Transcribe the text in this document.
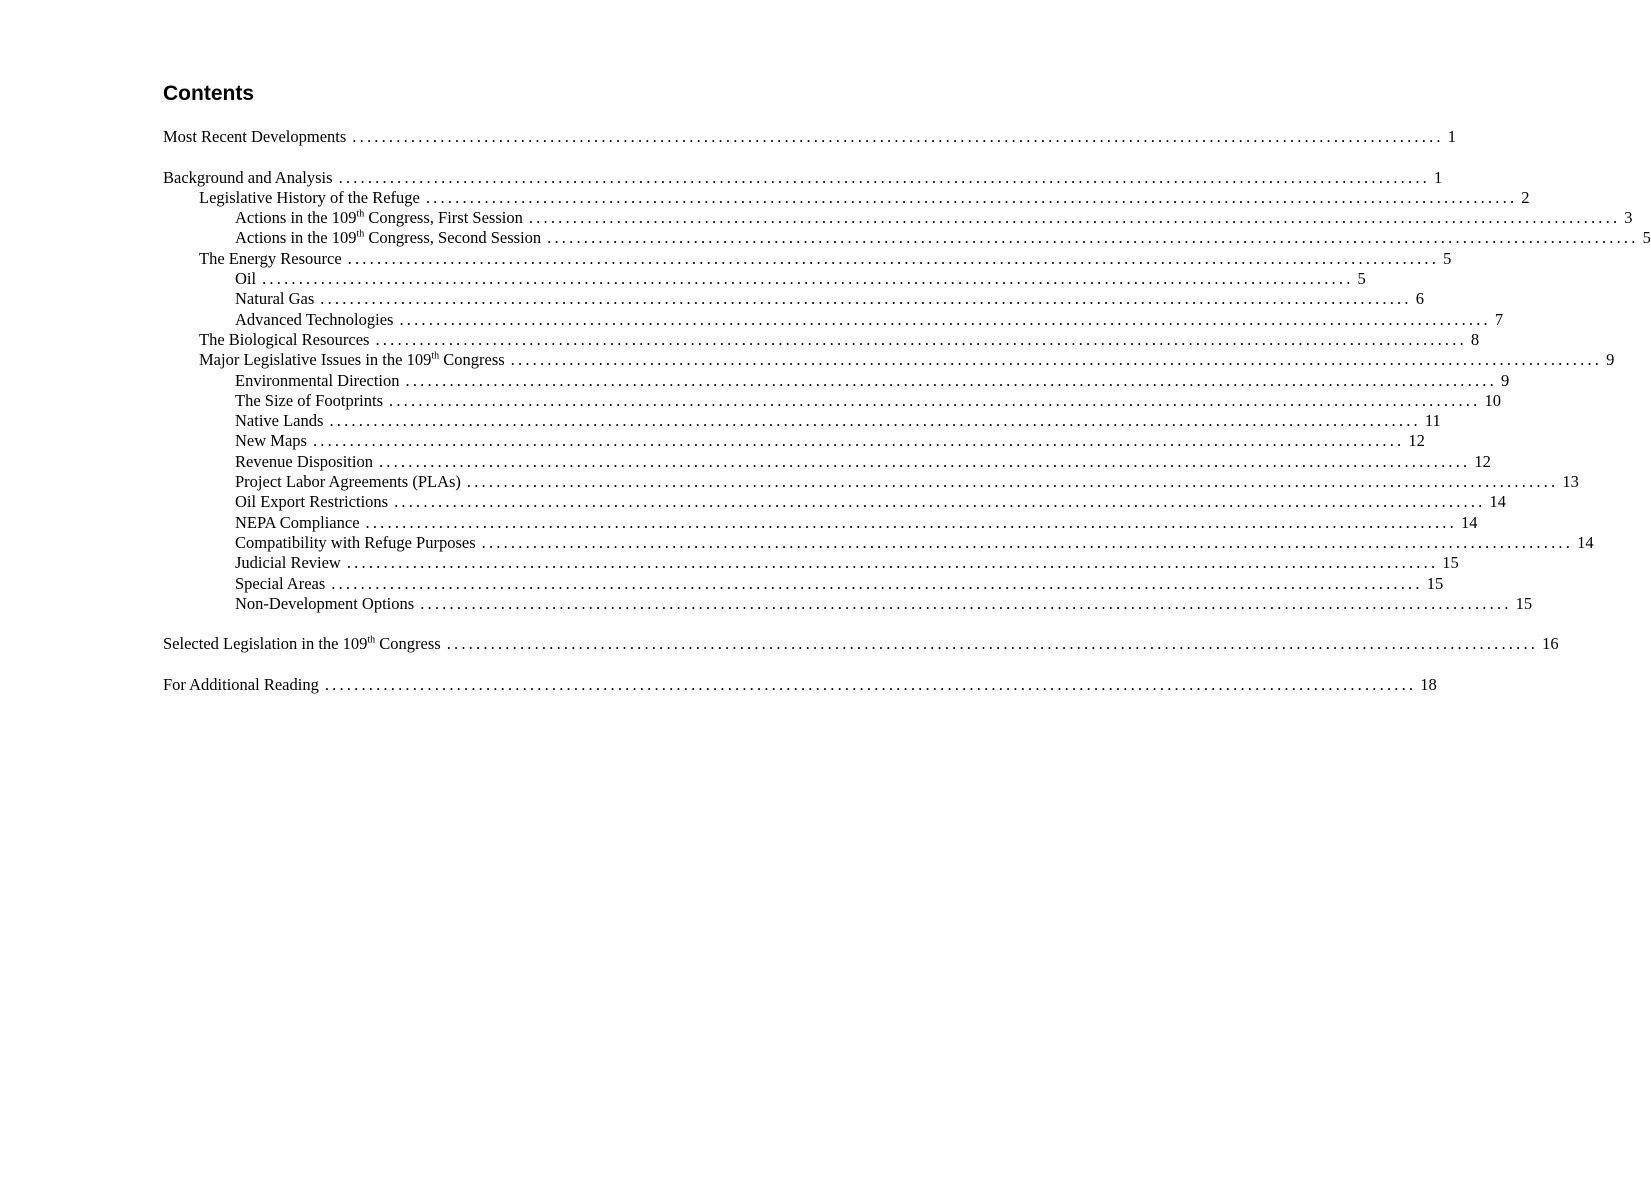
Contents
Most Recent Developments ..................................................................................................................................................... 1
Background and Analysis ..................................................................................................................................................... 1
Legislative History of the Refuge ..................................................................................................................................................... 2
Actions in the 109th Congress, First Session ..................................................................................................................................................... 3
Actions in the 109th Congress, Second Session ..................................................................................................................................................... 5
The Energy Resource ..................................................................................................................................................... 5
Oil ..................................................................................................................................................... 5
Natural Gas ..................................................................................................................................................... 6
Advanced Technologies ..................................................................................................................................................... 7
The Biological Resources ..................................................................................................................................................... 8
Major Legislative Issues in the 109th Congress ..................................................................................................................................................... 9
Environmental Direction ..................................................................................................................................................... 9
The Size of Footprints ..................................................................................................................................................... 10
Native Lands ..................................................................................................................................................... 11
New Maps ..................................................................................................................................................... 12
Revenue Disposition ..................................................................................................................................................... 12
Project Labor Agreements (PLAs) ..................................................................................................................................................... 13
Oil Export Restrictions ..................................................................................................................................................... 14
NEPA Compliance ..................................................................................................................................................... 14
Compatibility with Refuge Purposes ..................................................................................................................................................... 14
Judicial Review ..................................................................................................................................................... 15
Special Areas ..................................................................................................................................................... 15
Non-Development Options ..................................................................................................................................................... 15
Selected Legislation in the 109th Congress ..................................................................................................................................................... 16
For Additional Reading ..................................................................................................................................................... 18
